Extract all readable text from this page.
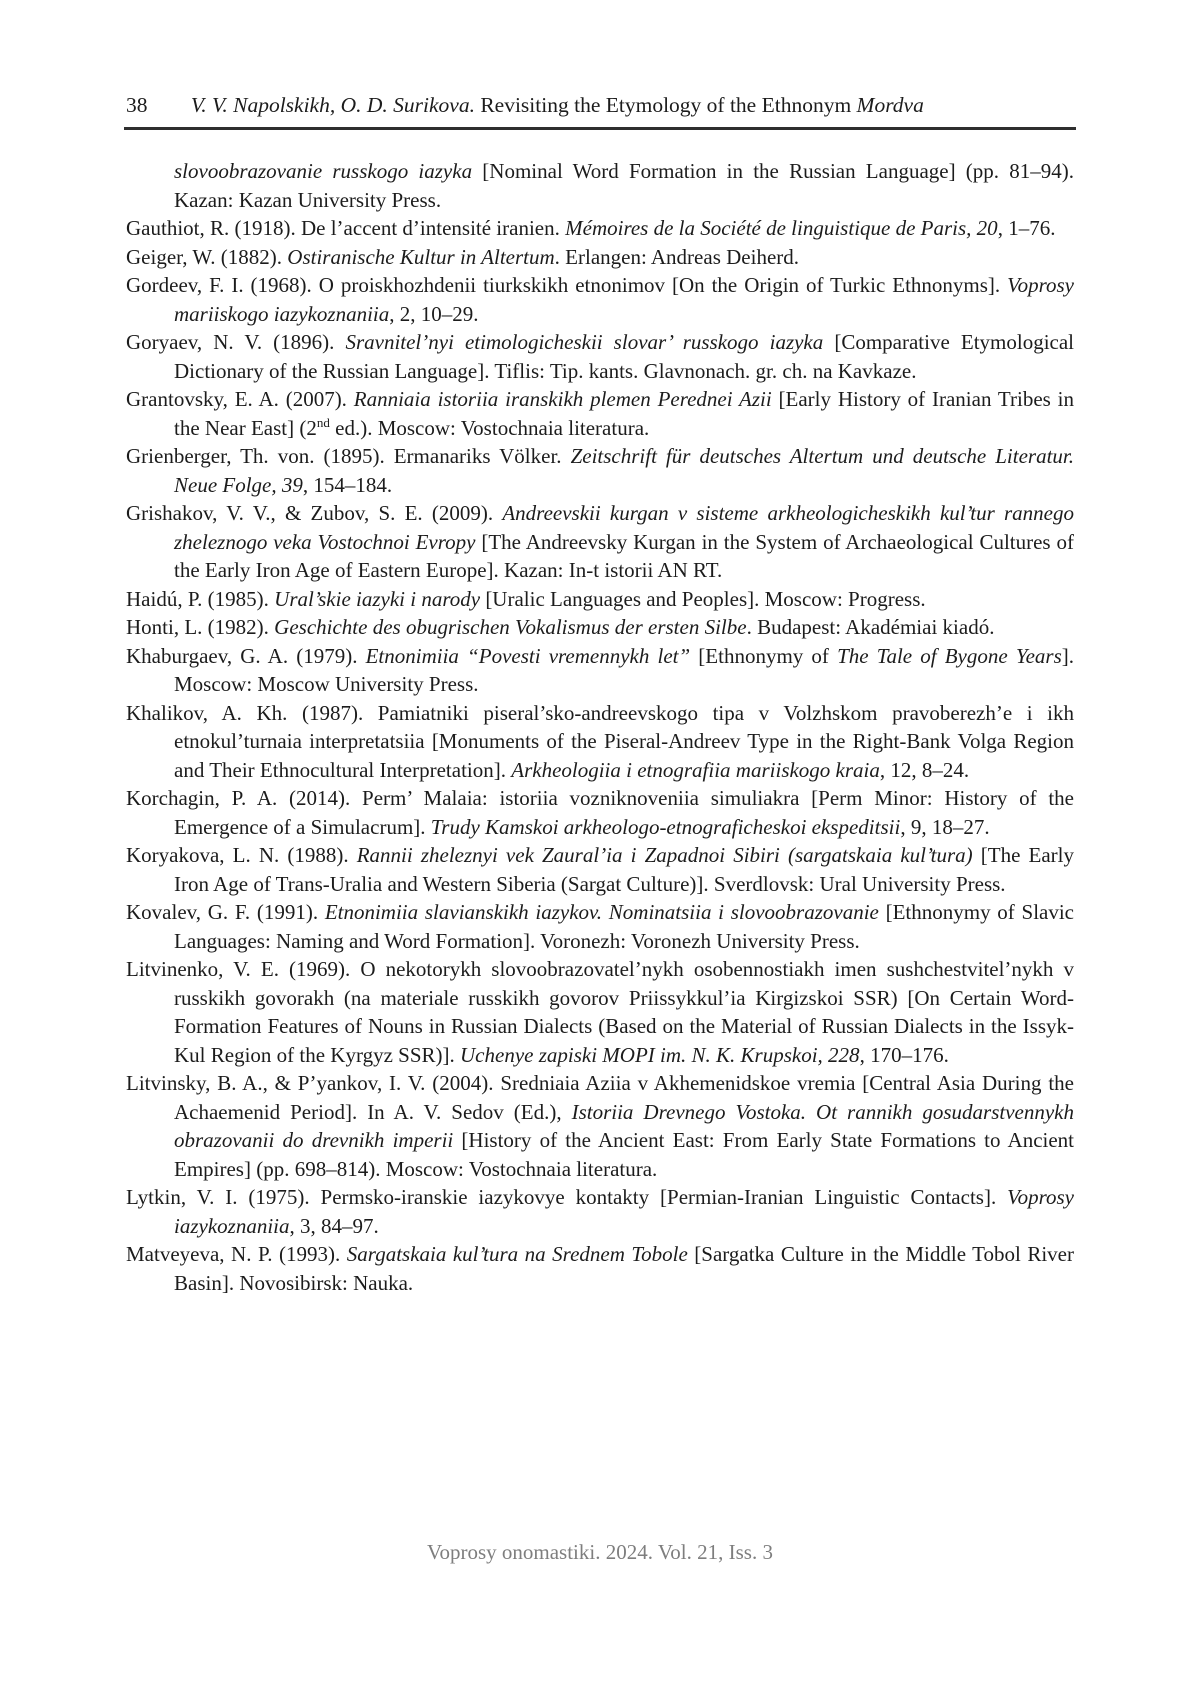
38 V. V. Napolskikh, O. D. Surikova. Revisiting the Etymology of the Ethnonym Mordva

slovoobrazovanie russkogo iazyka [Nominal Word Formation in the Russian Language] (pp. 81–94). Kazan: Kazan University Press.

Gauthiot, R. (1918). De l’accent d’intensité iranien. Mémoires de la Société de linguistique de Paris, 20, 1–76.

Geiger, W. (1882). Ostiranische Kultur in Altertum. Erlangen: Andreas Deiherd.

Gordeev, F. I. (1968). O proiskhozhdenii tiurkskikh etnonimov [On the Origin of Turkic Ethnonyms]. Voprosy mariiskogo iazykoznaniia, 2, 10–29.

Goryaev, N. V. (1896). Sravnitel’nyi etimologicheskii slovar’ russkogo iazyka [Comparative Etymological Dictionary of the Russian Language]. Tiflis: Tip. kants. Glavnonach. gr. ch. na Kavkaze.

Grantovsky, E. A. (2007). Ranniaia istoriia iranskikh plemen Perednei Azii [Early History of Iranian Tribes in the Near East] (2nd ed.). Moscow: Vostochnaia literatura.

Grienberger, Th. von. (1895). Ermanariks Völker. Zeitschrift für deutsches Altertum und deutsche Literatur. Neue Folge, 39, 154–184.

Grishakov, V. V., & Zubov, S. E. (2009). Andreevskii kurgan v sisteme arkheologicheskikh kul’tur rannego zheleznogo veka Vostochnoi Evropy [The Andreevsky Kurgan in the System of Archaeological Cultures of the Early Iron Age of Eastern Europe]. Kazan: In-t istorii AN RT.

Haidú, P. (1985). Ural’skie iazyki i narody [Uralic Languages and Peoples]. Moscow: Progress.

Honti, L. (1982). Geschichte des obugrischen Vokalismus der ersten Silbe. Budapest: Akadémiai kiadó.

Khaburgaev, G. A. (1979). Etnonimiia “Povesti vremennykh let” [Ethnonymy of The Tale of Bygone Years]. Moscow: Moscow University Press.

Khalikov, A. Kh. (1987). Pamiatniki piseral’sko-andreevskogo tipa v Volzhskom pravoberezh’e i ikh etnokul’turnaia interpretatsiia [Monuments of the Piseral-Andreev Type in the Right-Bank Volga Region and Their Ethnocultural Interpretation]. Arkheologiia i etnografiia mariiskogo kraia, 12, 8–24.

Korchagin, P. A. (2014). Perm’ Malaia: istoriia vozniknoveniia simuliakra [Perm Minor: History of the Emergence of a Simulacrum]. Trudy Kamskoi arkheologo-etnograficheskoi ekspeditsii, 9, 18–27.

Koryakova, L. N. (1988). Rannii zheleznyi vek Zaural’ia i Zapadnoi Sibiri (sargatskaia kul’tura) [The Early Iron Age of Trans-Uralia and Western Siberia (Sargat Culture)]. Sverdlovsk: Ural University Press.

Kovalev, G. F. (1991). Etnonimiia slavianskikh iazykov. Nominatsiia i slovoobrazovanie [Ethnonymy of Slavic Languages: Naming and Word Formation]. Voronezh: Voronezh University Press.

Litvinenko, V. E. (1969). O nekotorykh slovoobrazovatel’nykh osobennostiakh imen sushchestvitel’nykh v russkikh govorakh (na materiale russkikh govorov Priissykkul’ia Kirgizskoi SSR) [On Certain Word-Formation Features of Nouns in Russian Dialects (Based on the Material of Russian Dialects in the Issyk-Kul Region of the Kyrgyz SSR)]. Uchenye zapiski MOPI im. N. K. Krupskoi, 228, 170–176.

Litvinsky, B. A., & P’yankov, I. V. (2004). Sredniaia Aziia v Akhemenidskoe vremia [Central Asia During the Achaemenid Period]. In A. V. Sedov (Ed.), Istoriia Drevnego Vostoka. Ot rannikh gosudarstvennykh obrazovanii do drevnikh imperii [History of the Ancient East: From Early State Formations to Ancient Empires] (pp. 698–814). Moscow: Vostochnaia literatura.

Lytkin, V. I. (1975). Permsko-iranskie iazykovye kontakty [Permian-Iranian Linguistic Contacts]. Voprosy iazykoznaniia, 3, 84–97.

Matveyeva, N. P. (1993). Sargatskaia kul’tura na Srednem Tobole [Sargatka Culture in the Middle Tobol River Basin]. Novosibirsk: Nauka.

Voprosy onomastiki. 2024. Vol. 21, Iss. 3
